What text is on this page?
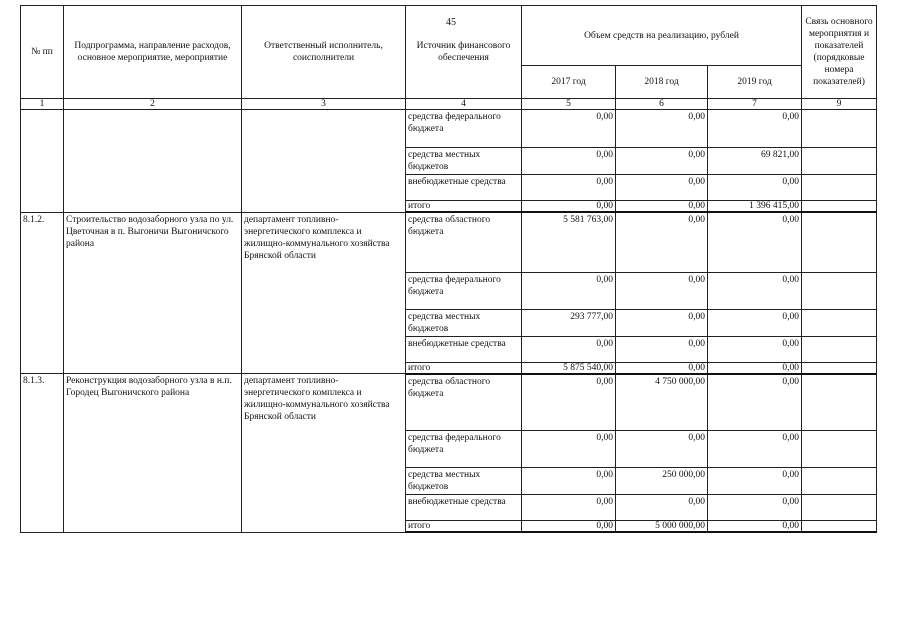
45
№ пп	Подпрограмма, направление расходов, основное мероприятие, мероприятие	Ответственный исполнитель, соисполнители	Источник финансового обеспечения	Объем средств на реализацию, рублей			Связь основного мероприятия и показателей (порядковые номера показателей)
				2017 год	2018 год	2019 год	
1	2	3	4	5	6	7	9
			средства федерального бюджета	0,00	0,00	0,00	
			средства местных бюджетов	0,00	0,00	69 821,00	
			внебюджетные средства	0,00	0,00	0,00	
			итого	0,00	0,00	1 396 415,00	
8.1.2.	Строительство водозаборного узла по ул. Цветочная в п. Выгоничи Выгоничского района	департамент топливно-энергетического комплекса и жилищно-коммунального хозяйства Брянской области	средства областного бюджета	5 581 763,00	0,00	0,00	
			средства федерального бюджета	0,00	0,00	0,00	
			средства местных бюджетов	293 777,00	0,00	0,00	
			внебюджетные средства	0,00	0,00	0,00	
			итого	5 875 540,00	0,00	0,00	
8.1.3.	Реконструкция водозаборного узла в н.п. Городец Выгоничского района	департамент топливно-энергетического комплекса и жилищно-коммунального хозяйства Брянской области	средства областного бюджета	0,00	4 750 000,00	0,00	
			средства федерального бюджета	0,00	0,00	0,00	
			средства местных бюджетов	0,00	250 000,00	0,00	
			внебюджетные средства	0,00	0,00	0,00	
			итого	0,00	5 000 000,00	0,00	
